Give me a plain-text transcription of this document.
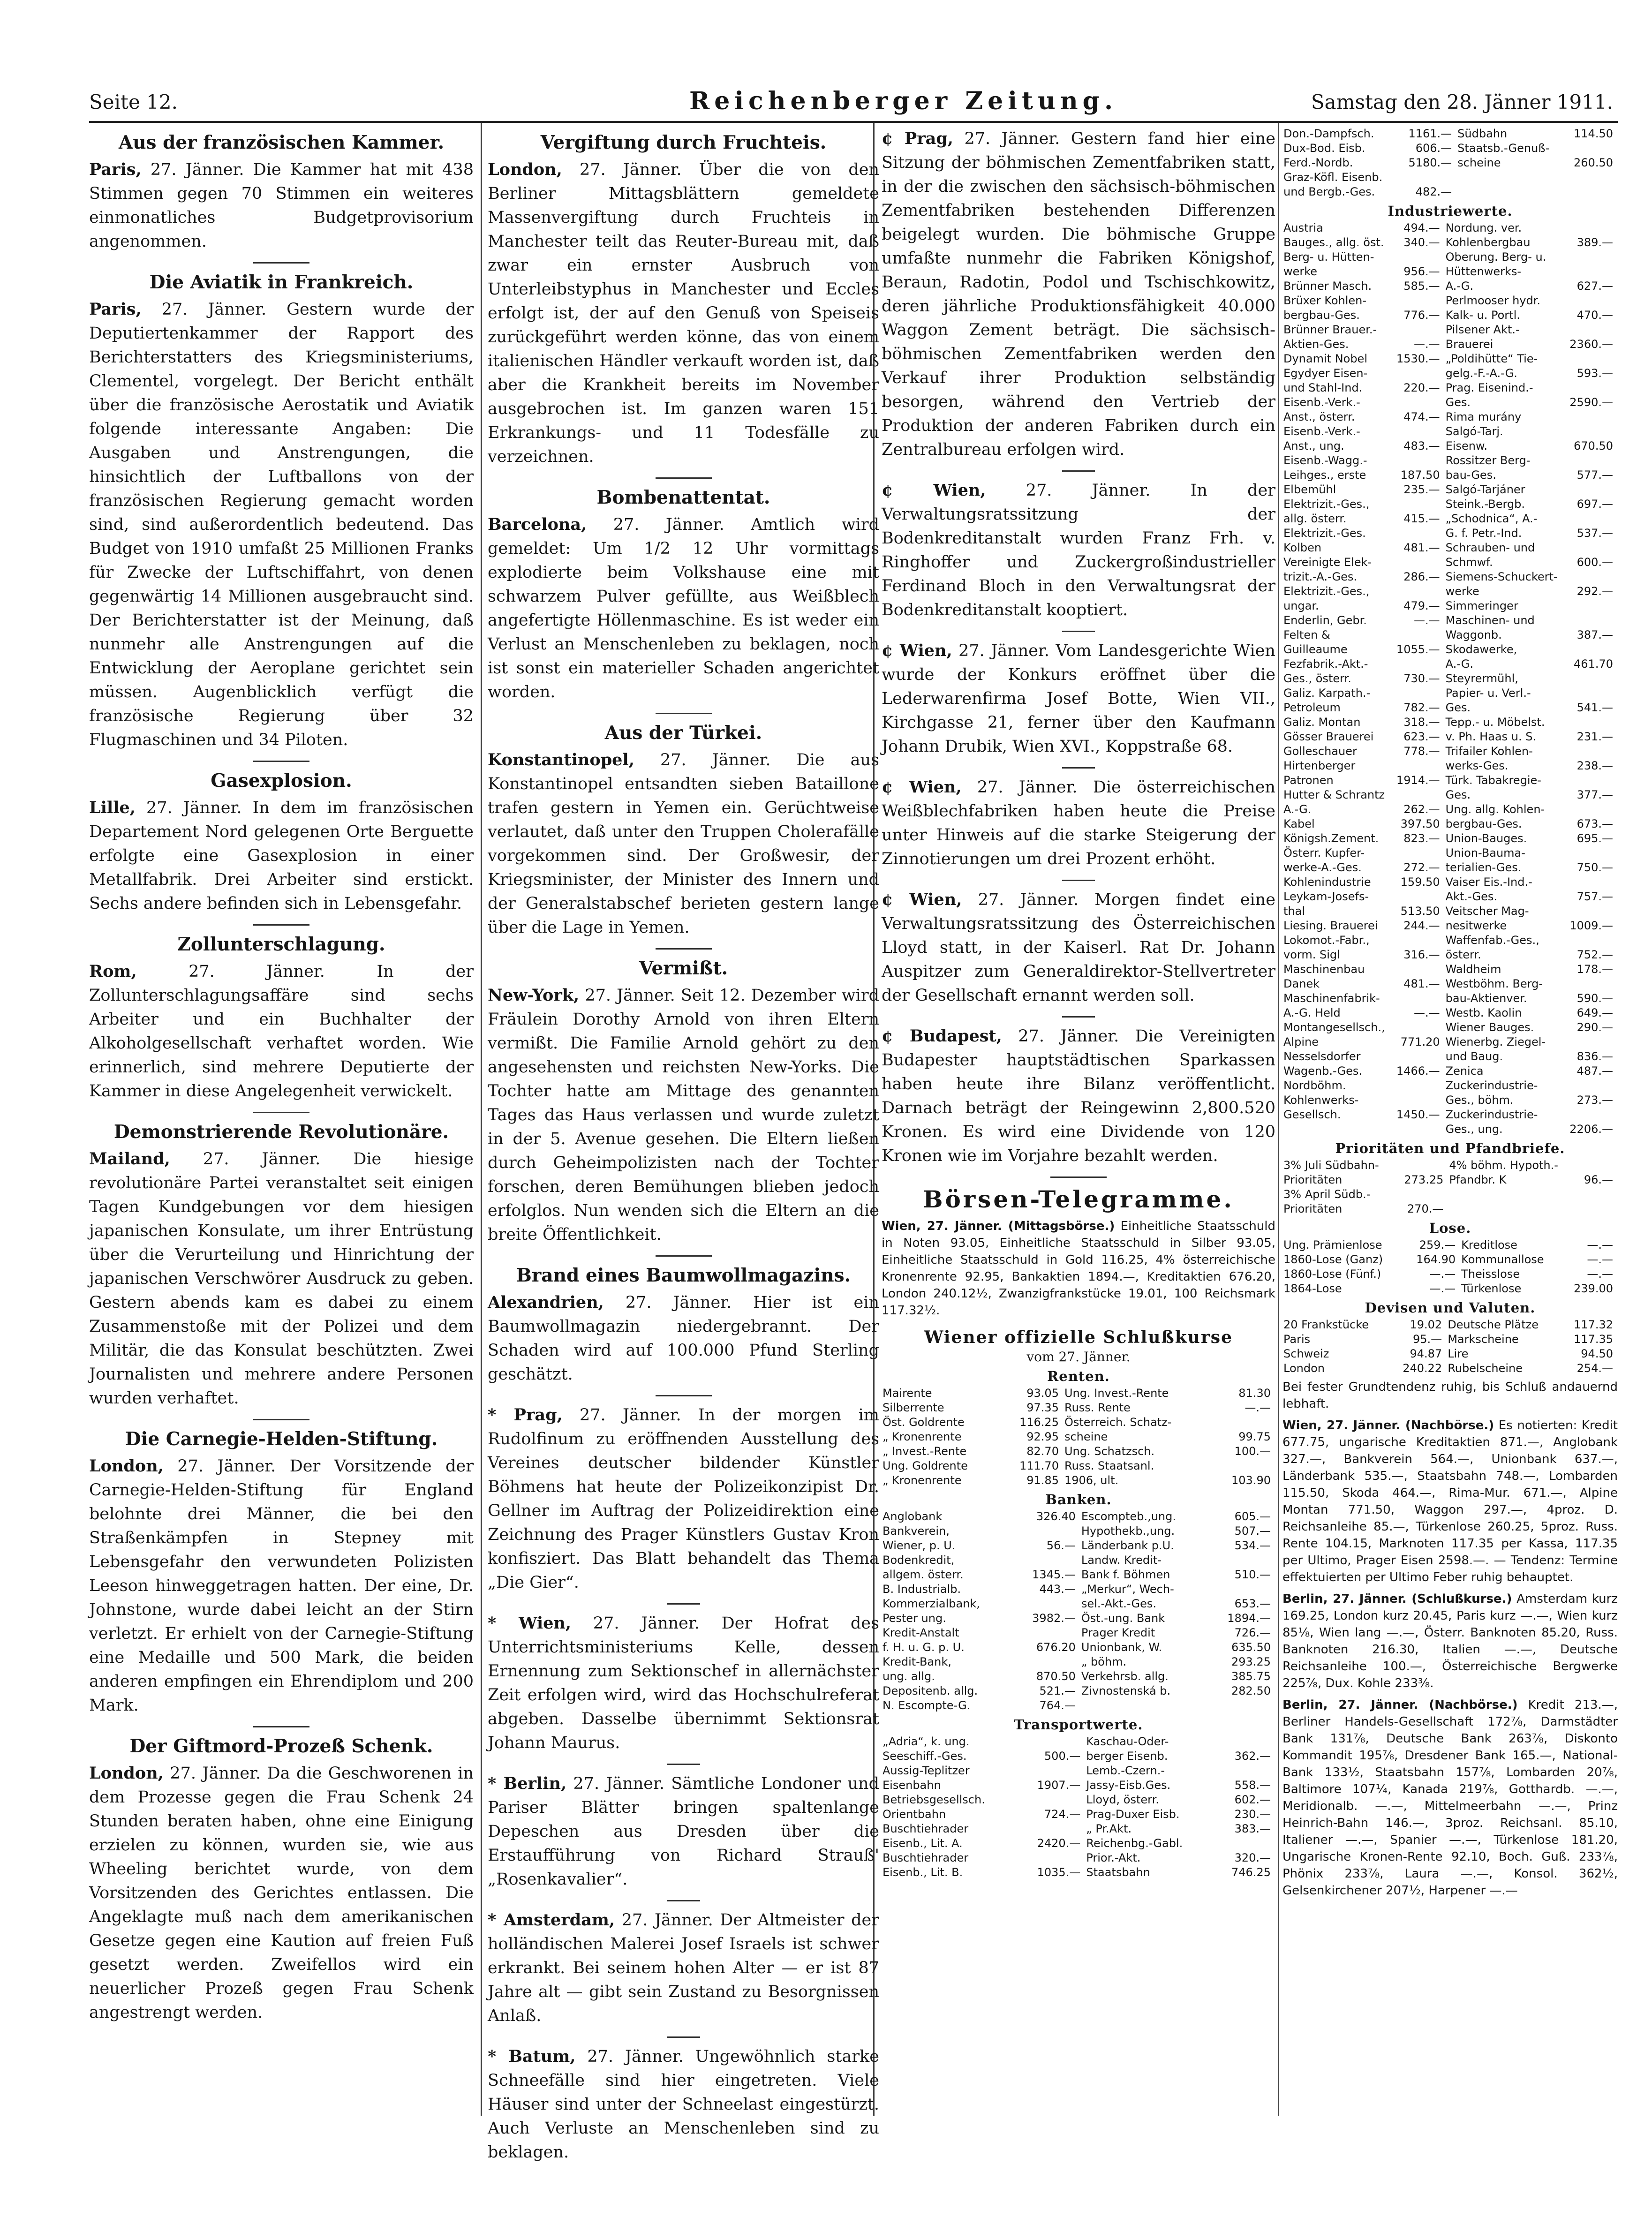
Seite 12.	Reichenberger Zeitung.	Samstag den 28. Jänner 1911.
Aus der französischen Kammer.

Paris, 27. Jänner. Die Kammer hat mit 438 Stimmen gegen 70 Stimmen ein weiteres einmonatliches Budgetprovisorium angenommen.

Die Aviatik in Frankreich.

Paris, 27. Jänner. Gestern wurde der Deputiertenkammer der Rapport des Berichterstatters des Kriegsministeriums, Clementel, vorgelegt. Der Bericht enthält über die französische Aerostatik und Aviatik folgende interessante Angaben: Die Ausgaben und Anstrengungen, die hinsichtlich der Luftballons von der französischen Regierung gemacht worden sind, sind außerordentlich bedeutend. Das Budget von 1910 umfaßt 25 Millionen Franks für Zwecke der Luftschiffahrt, von denen gegenwärtig 14 Millionen ausgebraucht sind. Der Berichterstatter ist der Meinung, daß nunmehr alle Anstrengungen auf die Entwicklung der Aeroplane gerichtet sein müssen. Augenblicklich verfügt die französische Regierung über 32 Flugmaschinen und 34 Piloten.

Gasexplosion.

Lille, 27. Jänner. In dem im französischen Departement Nord gelegenen Orte Berguette erfolgte eine Gasexplosion in einer Metallfabrik. Drei Arbeiter sind erstickt. Sechs andere befinden sich in Lebensgefahr.

Zollunterschlagung.

Rom,	27. Jänner. In der Zollunterschlagungsaffäre sind sechs Arbeiter und ein Buchhalter der Alkoholgesellschaft verhaftet worden. Wie erinnerlich, sind mehrere Deputierte der Kammer in diese Angelegenheit verwickelt.

Demonstrierende Revolutionäre.

Mailand, 27. Jänner. Die hiesige revolutionäre Partei veranstaltet seit einigen Tagen Kundgebungen vor dem hiesigen japanischen Konsulate, um ihrer Entrüstung über die Verurteilung und Hinrichtung der japanischen Verschwörer Ausdruck zu geben. Gestern abends kam es dabei zu einem Zusammenstoße mit der Polizei und dem Militär, die das Konsulat beschützten. Zwei Journalisten und mehrere andere Personen wurden verhaftet.

Die Carnegie-Helden-Stiftung.

London, 27. Jänner. Der Vorsitzende der Carnegie-Helden-Stiftung für England belohnte drei Männer, die bei den Straßenkämpfen in Stepney mit Lebensgefahr den verwundeten Polizisten Leeson hinweggetragen hatten. Der eine, Dr. Johnstone, wurde dabei leicht an der Stirn verletzt. Er erhielt von der Carnegie-Stiftung eine Medaille und 500 Mark, die beiden anderen empfingen ein Ehrendiplom und 200 Mark.

Der Giftmord-Prozeß Schenk.

London, 27. Jänner. Da die Geschworenen in dem Prozesse gegen die Frau Schenk 24 Stunden beraten haben, ohne eine Einigung erzielen zu können, wurden sie, wie aus Wheeling berichtet wurde, von dem Vorsitzenden des Gerichtes entlassen. Die Angeklagte muß nach dem amerikanischen Gesetze gegen eine Kaution auf freien Fuß gesetzt werden. Zweifellos wird ein neuerlicher Prozeß gegen Frau Schenk angestrengt werden.

Vergiftung durch Fruchteis.

London, 27. Jänner. Über die von den Berliner Mittagsblättern gemeldete Massenvergiftung durch Fruchteis in Manchester teilt das Reuter-Bureau mit, daß zwar ein ernster Ausbruch von Unterleibstyphus in Manchester und Eccles erfolgt ist, der auf den Genuß von Speiseis zurückgeführt werden könne, das von einem italienischen Händler verkauft worden ist, daß aber die Krankheit bereits im November ausgebrochen ist. Im ganzen waren 151 Erkrankungs- und 11 Todesfälle zu verzeichnen.

Bombenattentat.

Barcelona, 27. Jänner. Amtlich wird gemeldet: Um 1/2 12 Uhr vormittags explodierte beim Volkshause eine mit schwarzem Pulver gefüllte, aus Weißblech angefertigte Höllenmaschine. Es ist weder ein Verlust an Menschenleben zu beklagen, noch ist sonst ein materieller Schaden angerichtet worden.

Aus der Türkei.

Konstantinopel, 27. Jänner. Die aus Konstantinopel entsandten sieben Bataillone trafen gestern in Yemen ein. Gerüchtweise verlautet, daß unter den Truppen Cholerafälle vorgekommen sind. Der Großwesir, der Kriegsminister, der Minister des Innern und der Generalstabschef berieten gestern lange über die Lage in Yemen.

Vermißt.

New-York, 27. Jänner. Seit 12. Dezember wird Fräulein Dorothy Arnold von ihren Eltern vermißt. Die Familie Arnold gehört zu den angesehensten und reichsten New-Yorks. Die Tochter hatte am Mittage des genannten Tages das Haus verlassen und wurde zuletzt in der 5. Avenue gesehen. Die Eltern ließen durch Geheimpolizisten nach der Tochter forschen, deren Bemühungen blieben jedoch erfolglos. Nun wenden sich die Eltern an die breite Öffentlichkeit.

Brand eines Baumwollmagazins.

Alexandrien, 27. Jänner. Hier ist ein Baumwollmagazin niedergebrannt. Der Schaden wird auf 100.000 Pfund Sterling geschätzt.

* Prag, 27. Jänner. In der morgen im Rudolfinum zu eröffnenden Ausstellung des Vereines deutscher bildender Künstler Böhmens hat heute der Polizeikonzipist Dr. Gellner im Auftrag der Polizeidirektion eine Zeichnung des Prager Künstlers Gustav Kron konfisziert. Das Blatt behandelt das Thema „Die Gier“.

* Wien, 27. Jänner. Der Hofrat des Unterrichtsministeriums Kelle, dessen Ernennung zum Sektionschef in allernächster Zeit erfolgen wird, wird das Hochschulreferat abgeben. Dasselbe übernimmt Sektionsrat Johann Maurus.

* Berlin, 27. Jänner. Sämtliche Londoner und Pariser Blätter bringen spaltenlange Depeschen aus Dresden über die Erstaufführung von Richard Strauß' „Rosenkavalier“.

* Amsterdam, 27. Jänner. Der Altmeister der holländischen Malerei Josef Israels ist schwer erkrankt. Bei seinem hohen Alter — er ist 87 Jahre alt — gibt sein Zustand zu Besorgnissen Anlaß.

* Batum, 27. Jänner. Ungewöhnlich starke Schneefälle sind hier eingetreten. Viele Häuser sind unter der Schneelast eingestürzt. Auch Verluste an Menschenleben sind zu beklagen.

¢ Prag, 27. Jänner. Gestern fand hier eine Sitzung der böhmischen Zementfabriken statt, in der die zwischen den sächsisch-böhmischen Zementfabriken bestehenden Differenzen beigelegt wurden. Die böhmische Gruppe umfaßte nunmehr die Fabriken Königshof, Beraun, Radotin, Podol und Tschischkowitz, deren jährliche Produktionsfähigkeit 40.000 Waggon Zement beträgt. Die sächsisch-böhmischen Zementfabriken werden den Verkauf ihrer Produktion selbständig besorgen, während den Vertrieb der Produktion der anderen Fabriken durch ein Zentralbureau erfolgen wird.

¢ Wien, 27. Jänner. In der Verwaltungsratssitzung der Bodenkreditanstalt wurden Franz Frh. v. Ringhoffer und Zuckergroßindustrieller Ferdinand Bloch in den Verwaltungsrat der Bodenkreditanstalt kooptiert.

¢ Wien, 27. Jänner. Vom Landesgerichte Wien wurde der Konkurs eröffnet über die Lederwarenfirma Josef Botte, Wien VII., Kirchgasse 21, ferner über den Kaufmann Johann Drubik, Wien XVI., Koppstraße 68.

¢ Wien, 27. Jänner. Die österreichischen Weißblechfabriken haben heute die Preise unter Hinweis auf die starke Steigerung der Zinnotierungen um drei Prozent erhöht.

¢ Wien, 27. Jänner. Morgen findet eine Verwaltungsratssitzung des Österreichischen Lloyd statt, in der Kaiserl. Rat Dr. Johann Auspitzer zum Generaldirektor-Stellvertreter der Gesellschaft ernannt werden soll.

¢ Budapest, 27. Jänner. Die Vereinigten Budapester hauptstädtischen Sparkassen haben heute ihre Bilanz veröffentlicht. Darnach beträgt der Reingewinn 2,800.520 Kronen. Es wird eine Dividende von 120 Kronen wie im Vorjahre bezahlt werden.

Börsen-Telegramme.

Wien, 27. Jänner. (Mittagsbörse.) Einheitliche Staatsschuld in Noten 93.05, Einheitliche Staatsschuld in Silber 93.05, Einheitliche Staatsschuld in Gold 116.25, 4% österreichische Kronenrente 92.95, Bankaktien 1894.—, Kreditaktien 676.20, London 240.12½, Zwanzigfrankstücke 19.01, 100 Reichsmark 117.32½.

Wiener offizielle Schlußkurse
vom 27. Jänner.
Renten.
Mairente	93.05	Ung. Invest.-Rente	81.30
Silberrente	97.35	Russ. Rente	—.—
Öst. Goldrente	116.25	Österreich. Schatz-	
„ Kronenrente	92.95	scheine	99.75
„ Invest.-Rente	82.70	Ung. Schatzsch.	100.—
Ung. Goldrente	111.70	Russ. Staatsanl.	
„ Kronenrente	91.85	1906, ult.	103.90
Banken.
Anglobank	326.40	Escompteb.,ung.	605.—
Bankverein,		Hypothekb.,ung.	507.—
Wiener, p. U.	56.—	Länderbank p.U.	534.—
Bodenkredit,		Landw. Kredit-	
allgem. österr.	1345.—	Bank f. Böhmen	510.—
B. Industrialb.	443.—	„Merkur“, Wech-	
Kommerzialbank,		sel.-Akt.-Ges.	653.—
Pester ung.	3982.—	Öst.-ung. Bank	1894.—
Kredit-Anstalt		Prager Kredit	726.—
f. H. u. G. p. U.	676.20	Unionbank, W.	635.50
Kredit-Bank,		„ böhm.	293.25
ung. allg.	870.50	Verkehrsb. allg.	385.75
Depositenb. allg.	521.—	Zivnostenská b.	282.50
N. Escompte-G.	764.—		
Transportwerte.
„Adria“, k. ung.		Kaschau-Oder-	
Seeschiff.-Ges.	500.—	berger Eisenb.	362.—
Aussig-Teplitzer		Lemb.-Czern.-	
Eisenbahn	1907.—	Jassy-Eisb.Ges.	558.—
Betriebsgesellsch.		Lloyd, österr.	602.—
Orientbahn	724.—	Prag-Duxer Eisb.	230.—
Buschtiehrader		„ Pr.Akt.	383.—
Eisenb., Lit. A.	2420.—	Reichenbg.-Gabl.	
Buschtiehrader		Prior.-Akt.	320.—
Eisenb., Lit. B.	1035.—	Staatsbahn	746.25
Don.-Dampfsch.	1161.—	Südbahn	114.50
Dux-Bod. Eisb.	606.—	Staatsb.-Genuß-	
Ferd.-Nordb.	5180.—	scheine	260.50
Graz-Köfl. Eisenb.			
und Bergb.-Ges.	482.—		
Industriewerte.
Austria	494.—	Nordung. ver.	
Bauges., allg. öst.	340.—	Kohlenbergbau	389.—
Berg- u. Hütten-		Oberung. Berg- u.	
werke	956.—	Hüttenwerks-	
Brünner Masch.	585.—	A.-G.	627.—
Brüxer Kohlen-		Perlmooser hydr.	
bergbau-Ges.	776.—	Kalk- u. Portl.	470.—
Brünner Brauer.-		Pilsener Akt.-	
Aktien-Ges.	—.—	Brauerei	2360.—
Dynamit Nobel	1530.—	„Poldihütte“ Tie-	
Egydyer Eisen-		gelg.-F.-A.-G.	593.—
und Stahl-Ind.	220.—	Prag. Eisenind.-	
Eisenb.-Verk.-		Ges.	2590.—
Anst., österr.	474.—	Rima murány	
Eisenb.-Verk.-		Salgó-Tarj.	
Anst., ung.	483.—	Eisenw.	670.50
Eisenb.-Wagg.-		Rossitzer Berg-	
Leihges., erste	187.50	bau-Ges.	577.—
Elbemühl	235.—	Salgó-Tarjáner	
Elektrizit.-Ges.,		Steink.-Bergb.	697.—
allg. österr.	415.—	„Schodnica“, A.-	
Elektrizit.-Ges.		G. f. Petr.-Ind.	537.—
Kolben	481.—	Schrauben- und	
Vereinigte Elek-		Schmwf.	600.—
trizit.-A.-Ges.	286.—	Siemens-Schuckert-	
Elektrizit.-Ges.,		werke	292.—
ungar.	479.—	Simmeringer	
Enderlin, Gebr.	—.—	Maschinen- und	
Felten &		Waggonb.	387.—
Guilleaume	1055.—	Skodawerke,	
Fezfabrik.-Akt.-		A.-G.	461.70
Ges., österr.	730.—	Steyrermühl,	
Galiz. Karpath.-		Papier- u. Verl.-	
Petroleum	782.—	Ges.	541.—
Galiz. Montan	318.—	Tepp.- u. Möbelst.	
Gösser Brauerei	623.—	v. Ph. Haas u. S.	231.—
Golleschauer	778.—	Trifailer Kohlen-	
Hirtenberger		werks-Ges.	238.—
Patronen	1914.—	Türk. Tabakregie-	
Hutter & Schrantz		Ges.	377.—
A.-G.	262.—	Ung. allg. Kohlen-	
Kabel	397.50	bergbau-Ges.	673.—
Königsh.Zement.	823.—	Union-Bauges.	695.—
Österr. Kupfer-		Union-Bauma-	
werke-A.-Ges.	272.—	terialien-Ges.	750.—
Kohlenindustrie	159.50	Vaiser Eis.-Ind.-	
Leykam-Josefs-		Akt.-Ges.	757.—
thal	513.50	Veitscher Mag-	
Liesing. Brauerei	244.—	nesitwerke	1009.—
Lokomot.-Fabr.,		Waffenfab.-Ges.,	
vorm. Sigl	316.—	österr.	752.—
Maschinenbau		Waldheim	178.—
Danek	481.—	Westböhm. Berg-	
Maschinenfabrik-		bau-Aktienver.	590.—
A.-G. Held	—.—	Westb. Kaolin	649.—
Montangesellsch.,		Wiener Bauges.	290.—
Alpine	771.20	Wienerbg. Ziegel-	
Nesselsdorfer		und Baug.	836.—
Wagenb.-Ges.	1466.—	Zenica	487.—
Nordböhm.		Zuckerindustrie-	
Kohlenwerks-		Ges., böhm.	273.—
Gesellsch.	1450.—	Zuckerindustrie-	
		Ges., ung.	2206.—
Prioritäten und Pfandbriefe.
3% Juli Südbahn-		4% böhm. Hypoth.-	
Prioritäten	273.25	Pfandbr. K	96.—
3% April Südb.-			
Prioritäten	270.—		
Lose.
Ung. Prämienlose	259.—	Kreditlose	—.—
1860-Lose (Ganz)	164.90	Kommunallose	—.—
1860-Lose (Fünf.)	—.—	Theisslose	—.—
1864-Lose	—.—	Türkenlose	239.00
Devisen und Valuten.
20 Frankstücke	19.02	Deutsche Plätze	117.32
Paris	95.—	Markscheine	117.35
Schweiz	94.87	Lire	94.50
London	240.22	Rubelscheine	254.—

Bei fester Grundtendenz ruhig, bis Schluß andauernd lebhaft.

Wien, 27. Jänner. (Nachbörse.) Es notierten: Kredit 677.75, ungarische Kreditaktien 871.—, Anglobank 327.—, Bankverein 564.—, Unionbank 637.—, Länderbank 535.—, Staatsbahn 748.—, Lombarden 115.50, Skoda 464.—, Rima-Mur. 671.—, Alpine Montan 771.50, Waggon 297.—, 4proz. D. Reichsanleihe 85.—, Türkenlose 260.25, 5proz. Russ. Rente 104.15, Marknoten 117.35 per Kassa, 117.35 per Ultimo, Prager Eisen 2598.—. — Tendenz: Termine effektuierten per Ultimo Feber ruhig behauptet.

Berlin, 27. Jänner. (Schlußkurse.) Amsterdam kurz 169.25, London kurz 20.45, Paris kurz —.—, Wien kurz 85⅛, Wien lang —.—, Österr. Banknoten 85.20, Russ. Banknoten 216.30, Italien —.—, Deutsche Reichsanleihe 100.—, Österreichische Bergwerke 225⅞, Dux. Kohle 233⅜.

Berlin, 27. Jänner. (Nachbörse.) Kredit 213.—, Berliner Handels-Gesellschaft 172⅞, Darmstädter Bank 131⅞, Deutsche Bank 263⅞, Diskonto Kommandit 195⅞, Dresdener Bank 165.—, National-Bank 133½, Staatsbahn 157⅞, Lombarden 20⅞, Baltimore 107¼, Kanada 219⅞, Gotthardb. —.—, Meridionalb. —.—, Mittelmeerbahn —.—, Prinz Heinrich-Bahn 146.—, 3proz. Reichsanl. 85.10, Italiener —.—, Spanier —.—, Türkenlose 181.20, Ungarische Kronen-Rente 92.10, Boch. Guß. 233⅞, Phönix 233⅞, Laura —.—, Konsol. 362½, Gelsenkirchener 207½, Harpener —.—
